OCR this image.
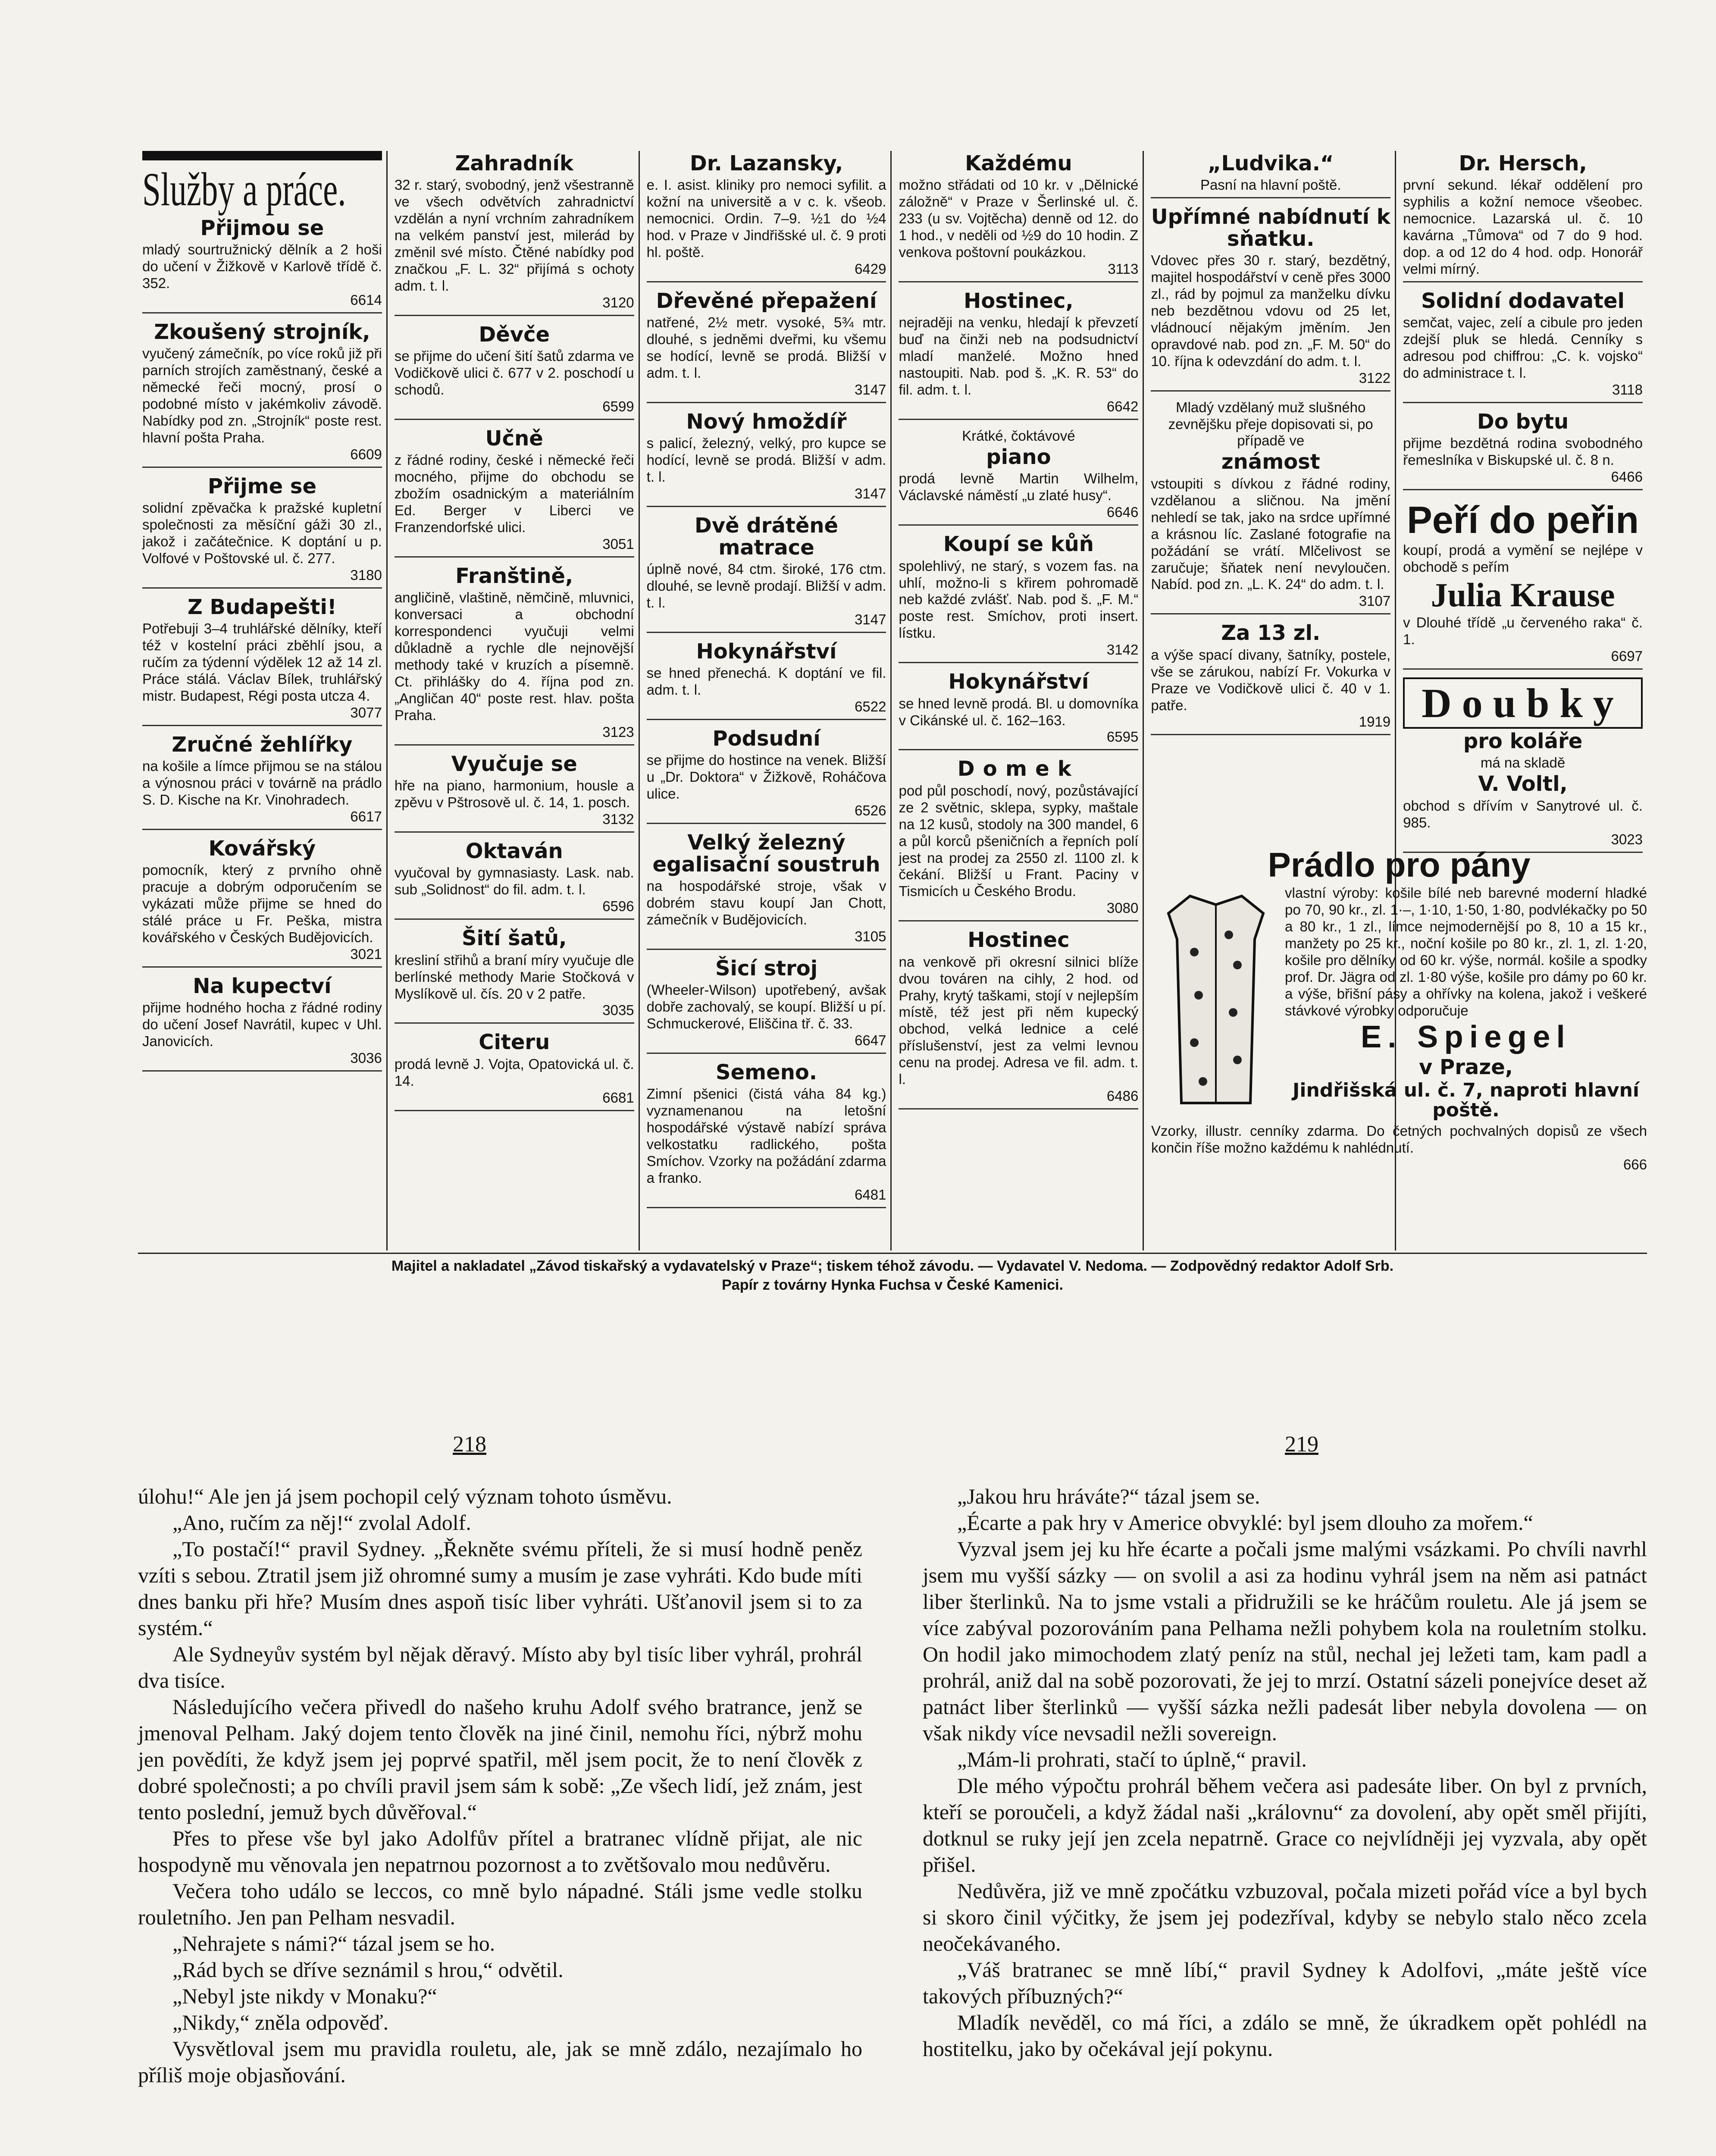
Služby a práce.
Přijmou se
mladý sourtružnický dělník a 2 hoši do učení v Žižkově v Karlově třídě č. 352.
6614
Zkoušený strojník,
vyučený zámečník, po více roků již při parních strojích zaměstnaný, české a německé řeči mocný, prosí o podobné místo v jakémkoliv závodě. Nabídky pod zn. „Strojník“ poste rest. hlavní pošta Praha.
6609
Přijme se
solidní zpěvačka k pražské kupletní společnosti za měsíční gáži 30 zl., jakož i začátečnice. K doptání u p. Volfové v Poštovské ul. č. 277.
3180
Z Budapešti!
Potřebuji 3–4 truhlářské dělníky, kteří též v kostelní práci zběhlí jsou, a ručím za týdenní výdělek 12 až 14 zl. Práce stálá. Václav Bílek, truhlářský mistr. Budapest, Régi posta utcza 4.
3077
Zručné žehlířky
na košile a límce přijmou se na stálou a výnosnou práci v továrně na prádlo S. D. Kische na Kr. Vinohradech.
6617
Kovářský
pomocník, který z prvního ohně pracuje a dobrým odporučením se vykázati může přijme se hned do stálé práce u Fr. Peška, mistra kovářského v Českých Budějovicích.
3021
Na kupectví
přijme hodného hocha z řádné rodiny do učení Josef Navrátil, kupec v Uhl. Janovicích.
3036
Zahradník
32 r. starý, svobodný, jenž všestranně ve všech odvětvích zahradnictví vzdělán a nyní vrchním zahradníkem na velkém panství jest, milerád by změnil své místo. Čtěné nabídky pod značkou „F. L. 32“ přijímá s ochoty adm. t. l.
3120
Děvče
se přijme do učení šití šatů zdarma ve Vodičkově ulici č. 677 v 2. poschodí u schodů.
6599
Učně
z řádné rodiny, české i německé řeči mocného, přijme do obchodu se zbožím osadnickým a materiálním Ed. Berger v Liberci ve Franzendorfské ulici.
3051
Franštině,
angličině, vlaštině, němčině, mluvnici, konversaci a obchodní korrespondenci vyučuji velmi důkladně a rychle dle nejnovější methody také v kruzích a písemně. Ct. přihlášky do 4. října pod zn. „Angličan 40“ poste rest. hlav. pošta Praha.
3123
Vyučuje se
hře na piano, harmonium, housle a zpěvu v Pštrosově ul. č. 14, 1. posch.
3132
Oktaván
vyučoval by gymnasiasty. Lask. nab. sub „Solidnost“ do fil. adm. t. l.
6596
Šití šatů,
kresliní střihů a braní míry vyučuje dle berlínské methody Marie Stočková v Myslíkově ul. čís. 20 v 2 patře.
3035
Citeru
prodá levně J. Vojta, Opatovická ul. č. 14.
6681
Dr. Lazansky,
e. I. asist. kliniky pro nemoci syfilit. a kožní na universitě a v c. k. všeob. nemocnici. Ordin. 7–9. ½1 do ½4 hod. v Praze v Jindřišské ul. č. 9 proti hl. poště.
6429
Dřevěné přepažení
natřené, 2½ metr. vysoké, 5¾ mtr. dlouhé, s jedněmi dveřmi, ku všemu se hodící, levně se prodá. Bližší v adm. t. l.
3147
Nový hmoždíř
s palicí, železný, velký, pro kupce se hodící, levně se prodá. Bližší v adm. t. l.
3147
Dvě drátěné matrace
úplně nové, 84 ctm. široké, 176 ctm. dlouhé, se levně prodají. Bližší v adm. t. l.
3147
Hokynářství
se hned přenechá. K doptání ve fil. adm. t. l.
6522
Podsudní
se přijme do hostince na venek. Bližší u „Dr. Doktora“ v Žižkově, Roháčova ulice.
6526
Velký železný egalisační soustruh
na hospodářské stroje, však v dobrém stavu koupí Jan Chott, zámečník v Budějovicích.
3105
Šicí stroj
(Wheeler-Wilson) upotřebený, avšak dobře zachovalý, se koupí. Bližší u pí. Schmuckerové, Eliščina tř. č. 33.
6647
Semeno.
Zimní pšenici (čistá váha 84 kg.) vyznamenanou na letošní hospodářské výstavě nabízí správa velkostatku radlického, pošta Smíchov. Vzorky na požádání zdarma a franko.
6481
Každému
možno střádati od 10 kr. v „Dělnické záložně“ v Praze v Šerlinské ul. č. 233 (u sv. Vojtěcha) denně od 12. do 1 hod., v neděli od ½9 do 10 hodin. Z venkova poštovní poukázkou.
3113
Hostinec,
nejraději na venku, hledají k převzetí buď na činži neb na podsudnictví mladí manželé. Možno hned nastoupiti. Nab. pod š. „K. R. 53“ do fil. adm. t. l.
6642
Krátké, čoktávové
piano
prodá levně Martin Wilhelm, Václavské náměstí „u zlaté husy“.
6646
Koupí se kůň
spolehlivý, ne starý, s vozem fas. na uhlí, možno-li s křirem pohromadě neb každé zvlášť. Nab. pod š. „F. M.“ poste rest. Smíchov, proti insert. lístku.
3142
Hokynářství
se hned levně prodá. Bl. u domovníka v Cikánské ul. č. 162–163.
6595
Domek
pod půl poschodí, nový, pozůstávající ze 2 světnic, sklepa, sypky, maštale na 12 kusů, stodoly na 300 mandel, 6 a půl korců pšeničních a řepních polí jest na prodej za 2550 zl. 1100 zl. k čekání. Bližší u Frant. Paciny v Tismicích u Českého Brodu.
3080
Hostinec
na venkově při okresní silnici blíže dvou továren na cihly, 2 hod. od Prahy, krytý taškami, stojí v nejlepším místě, též jest při něm kupecký obchod, velká lednice a celé příslušenství, jest za velmi levnou cenu na prodej. Adresa ve fil. adm. t. l.
6486
„Ludvika.“
Pasní na hlavní poště.
Upřímné nabídnutí k sňatku.
Vdovec přes 30 r. starý, bezdětný, majitel hospodářství v ceně přes 3000 zl., rád by pojmul za manželku dívku neb bezdětnou vdovu od 25 let, vládnoucí nějakým jměním. Jen opravdové nab. pod zn. „F. M. 50“ do 10. října k odevzdání do adm. t. l.
3122
Mladý vzdělaný muž slušného zevnějšku přeje dopisovati si, po případě ve
známost
vstoupiti s dívkou z řádné rodiny, vzdělanou a sličnou. Na jmění nehledí se tak, jako na srdce upřímné a krásnou líc. Zaslané fotografie na požádání se vrátí. Mlčelivost se zaručuje; šňatek není nevyloučen. Nabíd. pod zn. „L. K. 24“ do adm. t. l.
3107
Za 13 zl.
a výše spací divany, šatníky, postele, vše se zárukou, nabízí Fr. Vokurka v Praze ve Vodičkově ulici č. 40 v 1. patře.
1919
Dr. Hersch,
první sekund. lékař oddělení pro syphilis a kožní nemoce všeobec. nemocnice. Lazarská ul. č. 10 kavárna „Tůmova“ od 7 do 9 hod. dop. a od 12 do 4 hod. odp. Honorář velmi mírný.
Solidní dodavatel
semčat, vajec, zelí a cibule pro jeden zdejší pluk se hledá. Cenníky s adresou pod chiffrou: „C. k. vojsko“ do administrace t. l.
3118
Do bytu
přijme bezdětná rodina svobodného řemeslníka v Biskupské ul. č. 8 n.
6466
Peří do peřin
koupí, prodá a vymění se nejlépe v obchodě s peřím
Julia Krause
v Dlouhé třídě „u červeného raka“ č. 1.
6697
Doubky
pro koláře
má na skladě
V. Voltl,
obchod s dřívím v Sanytrové ul. č. 985.
3023
Prádlo pro pány
vlastní výroby: košile bílé neb barevné moderní hladké po 70, 90 kr., zl. 1·–, 1·10, 1·50, 1·80, podvlékačky po 50 a 80 kr., 1 zl., límce nejmodernější po 8, 10 a 15 kr., manžety po 25 kr., noční košile po 80 kr., zl. 1, zl. 1·20, košile pro dělníky od 60 kr. výše, normál. košile a spodky prof. Dr. Jägra od zl. 1·80 výše, košile pro dámy po 60 kr. a výše, břišní pásy a ohřívky na kolena, jakož i veškeré stávkové výrobky odporučuje
E. Spiegel
v Praze,
Jindřišská ul. č. 7, naproti hlavní poště.
Vzorky, illustr. cenníky zdarma. Do četných pochvalných dopisů ze všech končin říše možno každému k nahlédnutí.
666
Majitel a nakladatel „Závod tiskařský a vydavatelský v Praze“; tiskem téhož závodu. — Vydavatel V. Nedoma. — Zodpovědný redaktor Adolf Srb.
Papír z továrny Hynka Fuchsa v České Kamenici.
218	219

úlohu!“ Ale jen já jsem pochopil celý význam tohoto úsměvu.

„Ano, ručím za něj!“ zvolal Adolf.

„To postačí!“ pravil Sydney. „Řekněte svému příteli, že si musí hodně peněz vzíti s sebou. Ztratil jsem již ohromné sumy a musím je zase vyhráti. Kdo bude míti dnes banku při hře? Musím dnes aspoň tisíc liber vyhráti. Ušťanovil jsem si to za systém.“

Ale Sydneyův systém byl nějak děravý. Místo aby byl tisíc liber vyhrál, prohrál dva tisíce.

Následujícího večera přivedl do našeho kruhu Adolf svého bratrance, jenž se jmenoval Pelham. Jaký dojem tento člověk na jiné činil, nemohu říci, nýbrž mohu jen povědíti, že když jsem jej poprvé spatřil, měl jsem pocit, že to není člověk z dobré společnosti; a po chvíli pravil jsem sám k sobě: „Ze všech lidí, jež znám, jest tento poslední, jemuž bych důvěřoval.“

Přes to přese vše byl jako Adolfův přítel a bratranec vlídně přijat, ale nic hospodyně mu věnovala jen nepatrnou pozornost a to zvětšovalo mou nedůvěru.

Večera toho událo se leccos, co mně bylo nápadné. Stáli jsme vedle stolku rouletního. Jen pan Pelham nesvadil.

„Nehrajete s námi?“ tázal jsem se ho.

„Rád bych se dříve seznámil s hrou,“ odvětil.

„Nebyl jste nikdy v Monaku?“

„Nikdy,“ zněla odpověď.

Vysvětloval jsem mu pravidla rouletu, ale, jak se mně zdálo, nezajímalo ho příliš moje objasňování.

„Jakou hru hráváte?“ tázal jsem se.

„Écarte a pak hry v Americe obvyklé: byl jsem dlouho za mořem.“

Vyzval jsem jej ku hře écarte a počali jsme malými vsázkami. Po chvíli navrhl jsem mu vyšší sázky — on svolil a asi za hodinu vyhrál jsem na něm asi patnáct liber šterlinků. Na to jsme vstali a přidružili se ke hráčům rouletu. Ale já jsem se více zabýval pozorováním pana Pelhama nežli pohybem kola na rouletním stolku. On hodil jako mimochodem zlatý peníz na stůl, nechal jej ležeti tam, kam padl a prohrál, aniž dal na sobě pozorovati, že jej to mrzí. Ostatní sázeli ponejvíce deset až patnáct liber šterlinků — vyšší sázka nežli padesát liber nebyla dovolena — on však nikdy více nevsadil nežli sovereign.

„Mám-li prohrati, stačí to úplně,“ pravil.

Dle mého výpočtu prohrál během večera asi padesáte liber. On byl z prvních, kteří se poroučeli, a když žádal naši „královnu“ za dovolení, aby opět směl přijíti, dotknul se ruky její jen zcela nepatrně. Grace co nejvlídněji jej vyzvala, aby opět přišel.

Nedůvěra, již ve mně zpočátku vzbuzoval, počala mizeti pořád více a byl bych si skoro činil výčitky, že jsem jej podezříval, kdyby se nebylo stalo něco zcela neočekávaného.

„Váš bratranec se mně líbí,“ pravil Sydney k Adolfovi, „máte ještě více takových příbuzných?“

Mladík nevěděl, co má říci, a zdálo se mně, že úkradkem opět pohlédl na hostitelku, jako by očekával její pokynu.
